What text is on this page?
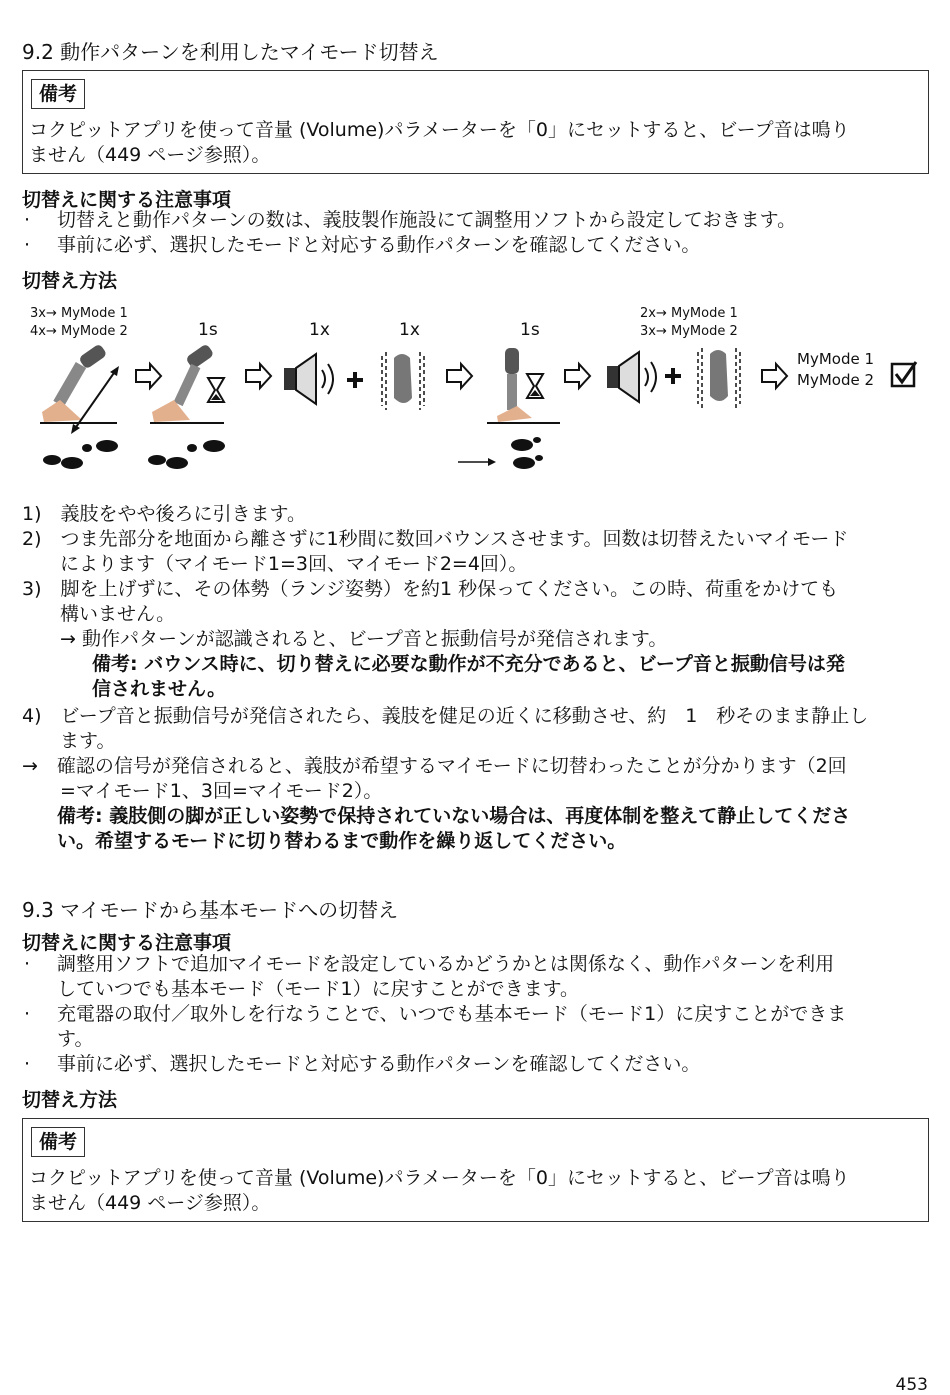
9.2 動作パターンを利用したマイモード切替え
備考
コクピットアプリを使って音量 (Volume)パラメーターを「0」にセットすると、ビープ音は鳴り
ません（449 ページ参照）。
切替えに関する注意事項
· 切替えと動作パターンの数は、義肢製作施設にて調整用ソフトから設定しておきます。
· 事前に必ず、選択したモードと対応する動作パターンを確認してください。
切替え方法
3x→ MyMode 1
4x→ MyMode 2
2x→ MyMode 1
3x→ MyMode 2
1s	1x	1x	1s
MyMode 1
MyMode 2
1)　義肢をやや後ろに引きます。
2)　つま先部分を地面から離さずに1秒間に数回バウンスさせます。回数は切替えたいマイモード
　　によります（マイモード1=3回、マイモード2=4回）。
3)　脚を上げずに、その体勢（ランジ姿勢）を約1 秒保ってください。この時、荷重をかけても
　　構いません。
　　→ 動作パターンが認識されると、ビープ音と振動信号が発信されます。
備考: バウンス時に、切り替えに必要な動作が不充分であると、ビープ音と振動信号は発
信されません。
4)　ビープ音と振動信号が発信されたら、義肢を健足の近くに移動させ、約　1　秒そのまま静止し
　　ます。
→　確認の信号が発信されると、義肢が希望するマイモードに切替わったことが分かります（2回
　　=マイモード1、3回=マイモード2）。
備考: 義肢側の脚が正しい姿勢で保持されていない場合は、再度体制を整えて静止してくださ
い。希望するモードに切り替わるまで動作を繰り返してください。
9.3 マイモードから基本モードへの切替え
切替えに関する注意事項
· 調整用ソフトで追加マイモードを設定しているかどうかとは関係なく、動作パターンを利用
していつでも基本モード（モード1）に戻すことができます。
· 充電器の取付／取外しを行なうことで、いつでも基本モード（モード1）に戻すことができま
す。
· 事前に必ず、選択したモードと対応する動作パターンを確認してください。
切替え方法
備考
コクピットアプリを使って音量 (Volume)パラメーターを「0」にセットすると、ビープ音は鳴り
ません（449 ページ参照）。
453
